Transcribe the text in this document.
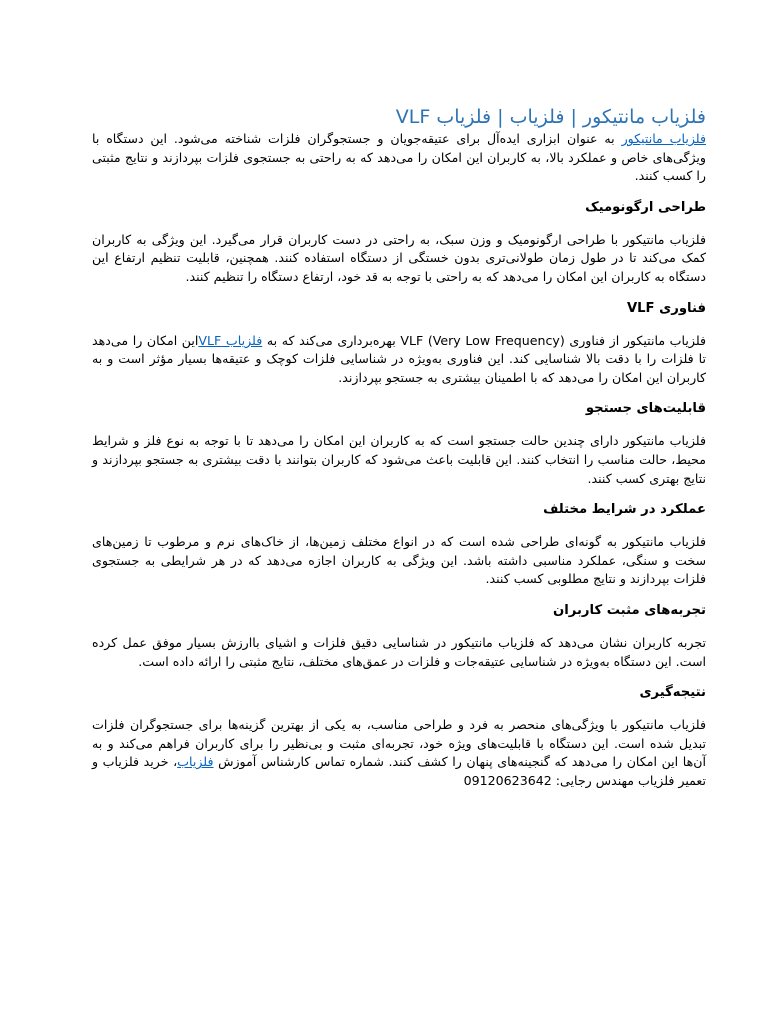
فلزیاب مانتیکور | فلزیاب | فلزیاب VLF

فلزیاب مانتیکور به عنوان ابزاری ایده‌آل برای عتیقه‌جویان و جستجوگران فلزات شناخته می‌شود. این دستگاه با ویژگی‌های خاص و عملکرد بالا، به کاربران این امکان را می‌دهد که به راحتی به جستجوی فلزات بپردازند و نتایج مثبتی را کسب کنند.

طراحی ارگونومیک

فلزیاب مانتیکور با طراحی ارگونومیک و وزن سبک، به راحتی در دست کاربران قرار می‌گیرد. این ویژگی به کاربران کمک می‌کند تا در طول زمان طولانی‌تری بدون خستگی از دستگاه استفاده کنند. همچنین، قابلیت تنظیم ارتفاع این دستگاه به کاربران این امکان را می‌دهد که به راحتی با توجه به قد خود، ارتفاع دستگاه را تنظیم کنند.

فناوری VLF

فلزیاب مانتیکور از فناوری VLF (Very Low Frequency) بهره‌برداری می‌کند که به فلزیاب VLFاین امکان را می‌دهد تا فلزات را با دقت بالا شناسایی کند. این فناوری به‌ویژه در شناسایی فلزات کوچک و عتیقه‌ها بسیار مؤثر است و به کاربران این امکان را می‌دهد که با اطمینان بیشتری به جستجو بپردازند.

قابلیت‌های جستجو

فلزیاب مانتیکور دارای چندین حالت جستجو است که به کاربران این امکان را می‌دهد تا با توجه به نوع فلز و شرایط محیط، حالت مناسب را انتخاب کنند. این قابلیت باعث می‌شود که کاربران بتوانند با دقت بیشتری به جستجو بپردازند و نتایج بهتری کسب کنند.

عملکرد در شرایط مختلف

فلزیاب مانتیکور به گونه‌ای طراحی شده است که در انواع مختلف زمین‌ها، از خاک‌های نرم و مرطوب تا زمین‌های سخت و سنگی، عملکرد مناسبی داشته باشد. این ویژگی به کاربران اجازه می‌دهد که در هر شرایطی به جستجوی فلزات بپردازند و نتایج مطلوبی کسب کنند.

تجربه‌های مثبت کاربران

تجربه کاربران نشان می‌دهد که فلزیاب مانتیکور در شناسایی دقیق فلزات و اشیای باارزش بسیار موفق عمل کرده است. این دستگاه به‌ویژه در شناسایی عتیقه‌جات و فلزات در عمق‌های مختلف، نتایج مثبتی را ارائه داده است.

نتیجه‌گیری

فلزیاب مانتیکور با ویژگی‌های منحصر به فرد و طراحی مناسب، به یکی از بهترین گزینه‌ها برای جستجوگران فلزات تبدیل شده است. این دستگاه با قابلیت‌های ویژه خود، تجربه‌ای مثبت و بی‌نظیر را برای کاربران فراهم می‌کند و به آن‌ها این امکان را می‌دهد که گنجینه‌های پنهان را کشف کنند. شماره تماس کارشناس آموزش فلزیاب، خرید فلزیاب و تعمیر فلزیاب مهندس رجایی: 09120623642
